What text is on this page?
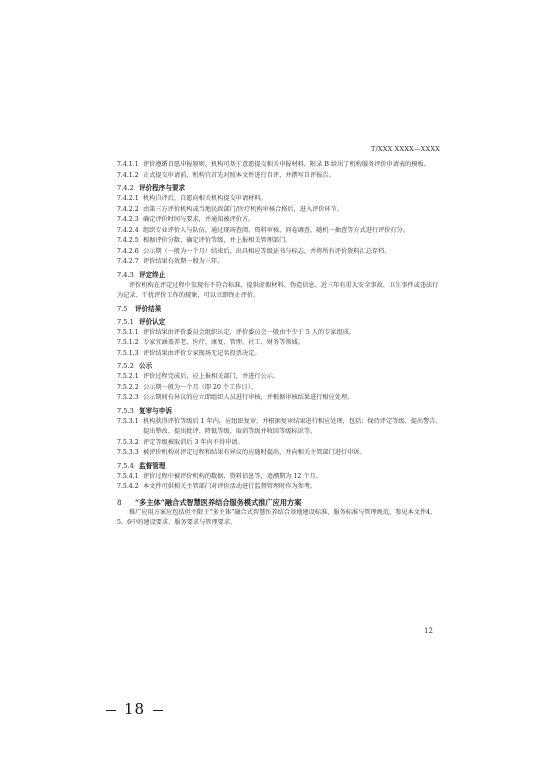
T/XXX XXXX—XXXX

7.4.1.1 评价遵循自愿申报原则，机构可基于意愿提交相关申报材料。附录 B 给出了机构服务评价申请表的模板。

7.4.1.2 正式提交申请前，机构宜首先对照本文件进行自评，并撰写自评报告。

7.4.2 评价程序与要求

7.4.2.1 机构自评后，自愿向相关机构提交申请材料。

7.4.2.2 由第三方评价机构或当地民政部门/医疗机构审核合格后，进入评价环节。

7.4.2.3 确定评价时间与要求，并通知被评价方。

7.4.2.4 组织专业评价人与队伍，通过现场查阅、资料审核、问卷调查、随机一抽查等方式进行评价打分。

7.4.2.5 根据评价分数，确定评价等级，并上报相关管理部门。

7.4.2.6 公示期（一般为一个月）结束后，出具相应等级证书与标志，并将所有评价资料汇总存档。

7.4.2.7 评价结果有效期一般为三年。

7.4.3 评定终止

评价机构在评定过程中发现有不符合标准、提供虚假材料、伪造信息、近三年有重大安全事故、卫生事件或违法行为记录、干扰评价工作的现象，可以立即终止评价。

7.5 评价结果
7.5.1 评价认定

7.5.1.1 评价结果由评价委员会组织认定，评价委员会一般由不少于 5 人的专家组成。

7.5.1.2 专家宜涵盖养老、医疗、康复、管理、社工、财务等领域。

7.5.1.3 评价结果由评价专家现场无记名投票决定。

7.5.2 公示

7.5.2.1 评价过程完成后，应上报相关部门，并进行公示。

7.5.2.2 公示期一般为一个月（即 20 个工作日）。

7.5.2.3 公示期间有异议的应立即组织人员进行审核，并根据审核结果进行相应处理。

7.5.3 复审与申诉

7.5.3.1 机构获得评价等级后 1 年内，应组织复审，并根据复审结果进行相应处理，包括：保持评定等级、提出警告、提出整改、提出批评、降低等级、取消等级并收回等级标识等。

7.5.3.2 评定等级被取消后 3 年内不得申请。

7.5.3.3 被评价机构对评定过程和结果有异议的应随时提出，并向相关主管部门进行申诉。

7.5.4 监督管理

7.5.4.1 评价过程中被评价机构的数据、资料信息等，追溯期为 12 个月。

7.5.4.2 本文件可供相关主管部门对评价活动进行监督管理时作为参考。

8 “多主体”融合式智慧医养结合服务模式推广应用方案

推广应用方案应包括但不限于“多主体”融合式智慧医养结合基地建设标准、服务标准与管理规范，参见本文件4、5、6中的建设要求、服务要求与管理要求。

12
18
